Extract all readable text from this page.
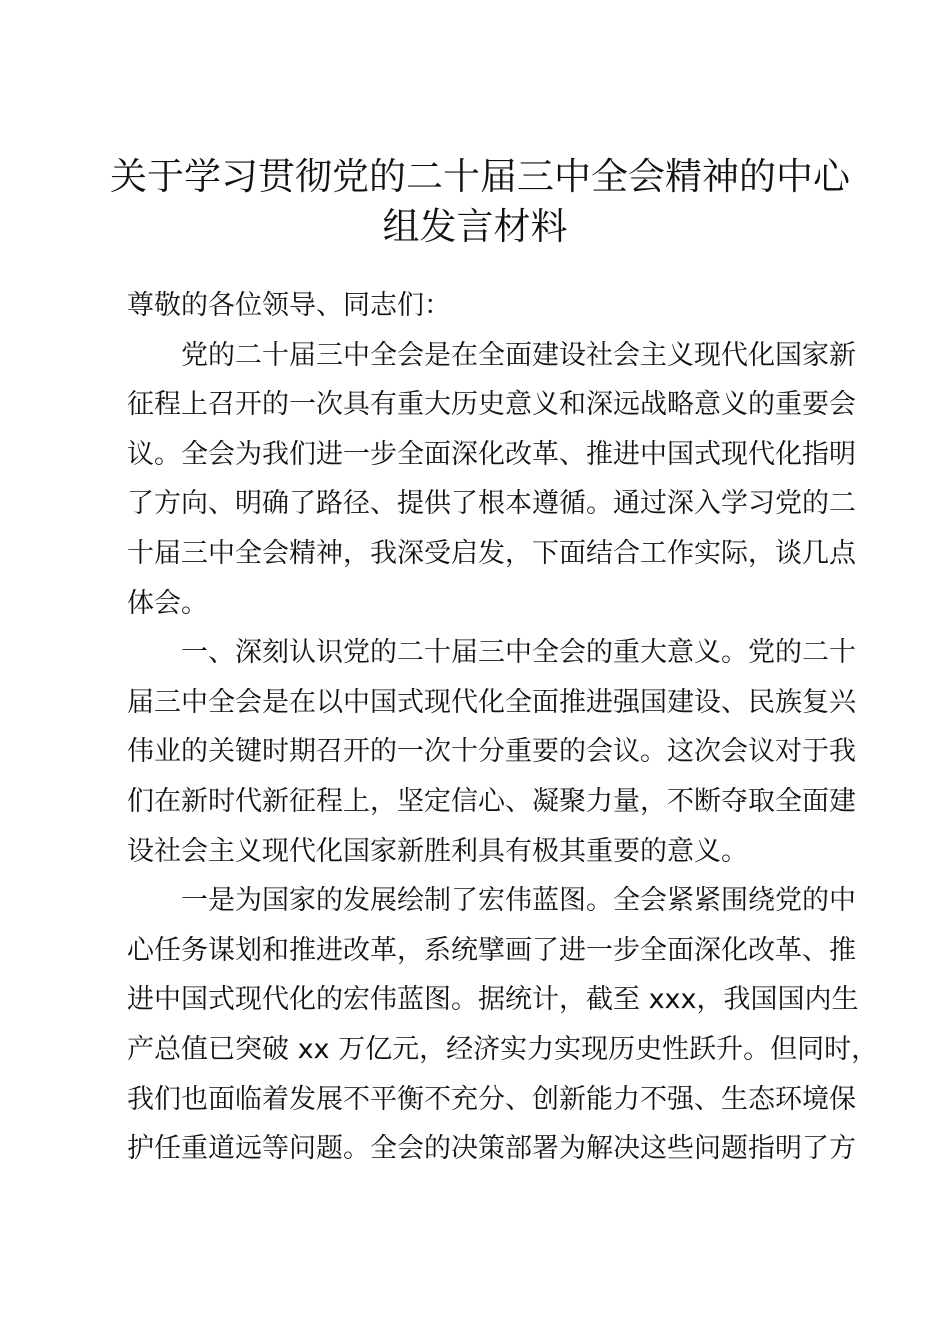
关于学习贯彻党的二十届三中全会精神的中心
组发言材料
尊敬的各位领导、同志们：
党的二十届三中全会是在全面建设社会主义现代化国家新
征程上召开的一次具有重大历史意义和深远战略意义的重要会
议。全会为我们进一步全面深化改革、推进中国式现代化指明
了方向、明确了路径、提供了根本遵循。通过深入学习党的二
十届三中全会精神，我深受启发，下面结合工作实际，谈几点
体会。
一、深刻认识党的二十届三中全会的重大意义。党的二十
届三中全会是在以中国式现代化全面推进强国建设、民族复兴
伟业的关键时期召开的一次十分重要的会议。这次会议对于我
们在新时代新征程上，坚定信心、凝聚力量，不断夺取全面建
设社会主义现代化国家新胜利具有极其重要的意义。
一是为国家的发展绘制了宏伟蓝图。全会紧紧围绕党的中
心任务谋划和推进改革，系统擘画了进一步全面深化改革、推
进中国式现代化的宏伟蓝图。据统计，截至 xxx，我国国内生
产总值已突破 xx 万亿元，经济实力实现历史性跃升。但同时，
我们也面临着发展不平衡不充分、创新能力不强、生态环境保
护任重道远等问题。全会的决策部署为解决这些问题指明了方
